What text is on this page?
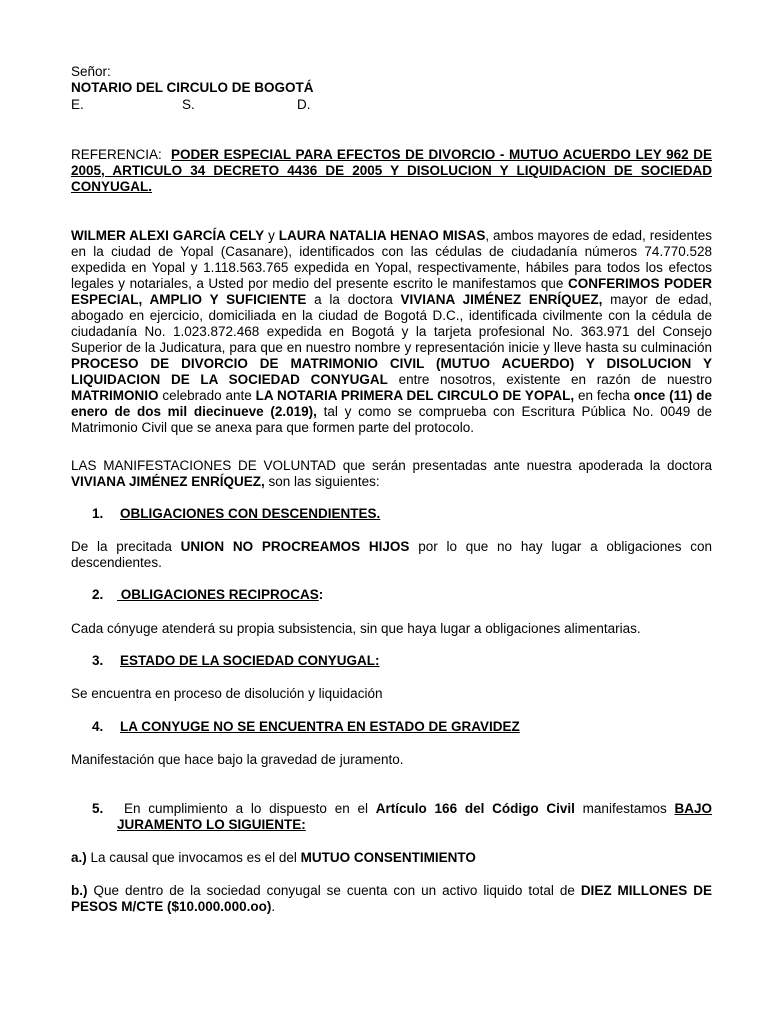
Señor:

NOTARIO DEL CIRCULO DE BOGOTÁ

E.	S.	D.

REFERENCIA: PODER ESPECIAL PARA EFECTOS DE DIVORCIO - MUTUO ACUERDO LEY 962 DE 2005, ARTICULO 34 DECRETO 4436 DE 2005 Y DISOLUCION Y LIQUIDACION DE SOCIEDAD CONYUGAL.

WILMER ALEXI GARCÍA CELY y LAURA NATALIA HENAO MISAS, ambos mayores de edad, residentes en la ciudad de Yopal (Casanare), identificados con las cédulas de ciudadanía números 74.770.528 expedida en Yopal y 1.118.563.765 expedida en Yopal, respectivamente, hábiles para todos los efectos legales y notariales, a Usted por medio del presente escrito le manifestamos que CONFERIMOS PODER ESPECIAL, AMPLIO Y SUFICIENTE a la doctora VIVIANA JIMÉNEZ ENRÍQUEZ, mayor de edad, abogado en ejercicio, domiciliada en la ciudad de Bogotá D.C., identificada civilmente con la cédula de ciudadanía No. 1.023.872.468 expedida en Bogotá y la tarjeta profesional No. 363.971 del Consejo Superior de la Judicatura, para que en nuestro nombre y representación inicie y lleve hasta su culminación PROCESO DE DIVORCIO DE MATRIMONIO CIVIL (MUTUO ACUERDO) Y DISOLUCION Y LIQUIDACION DE LA SOCIEDAD CONYUGAL entre nosotros, existente en razón de nuestro MATRIMONIO celebrado ante LA NOTARIA PRIMERA DEL CIRCULO DE YOPAL, en fecha once (11) de enero de dos mil diecinueve (2.019), tal y como se comprueba con Escritura Pública No. 0049 de Matrimonio Civil que se anexa para que formen parte del protocolo.

LAS MANIFESTACIONES DE VOLUNTAD que serán presentadas ante nuestra apoderada la doctora VIVIANA JIMÉNEZ ENRÍQUEZ, son las siguientes:

1. OBLIGACIONES CON DESCENDIENTES.

De la precitada UNION NO PROCREAMOS HIJOS por lo que no hay lugar a obligaciones con descendientes.

2. OBLIGACIONES RECIPROCAS:

Cada cónyuge atenderá su propia subsistencia, sin que haya lugar a obligaciones alimentarias.

3. ESTADO DE LA SOCIEDAD CONYUGAL:

Se encuentra en proceso de disolución y liquidación

4. LA CONYUGE NO SE ENCUENTRA EN ESTADO DE GRAVIDEZ

Manifestación que hace bajo la gravedad de juramento.

5.	En cumplimiento a lo dispuesto en el Artículo 166 del Código Civil manifestamos BAJO JURAMENTO LO SIGUIENTE:

a.) La causal que invocamos es el del MUTUO CONSENTIMIENTO

b.) Que dentro de la sociedad conyugal se cuenta con un activo liquido total de DIEZ MILLONES DE PESOS M/CTE ($10.000.000.oo).
